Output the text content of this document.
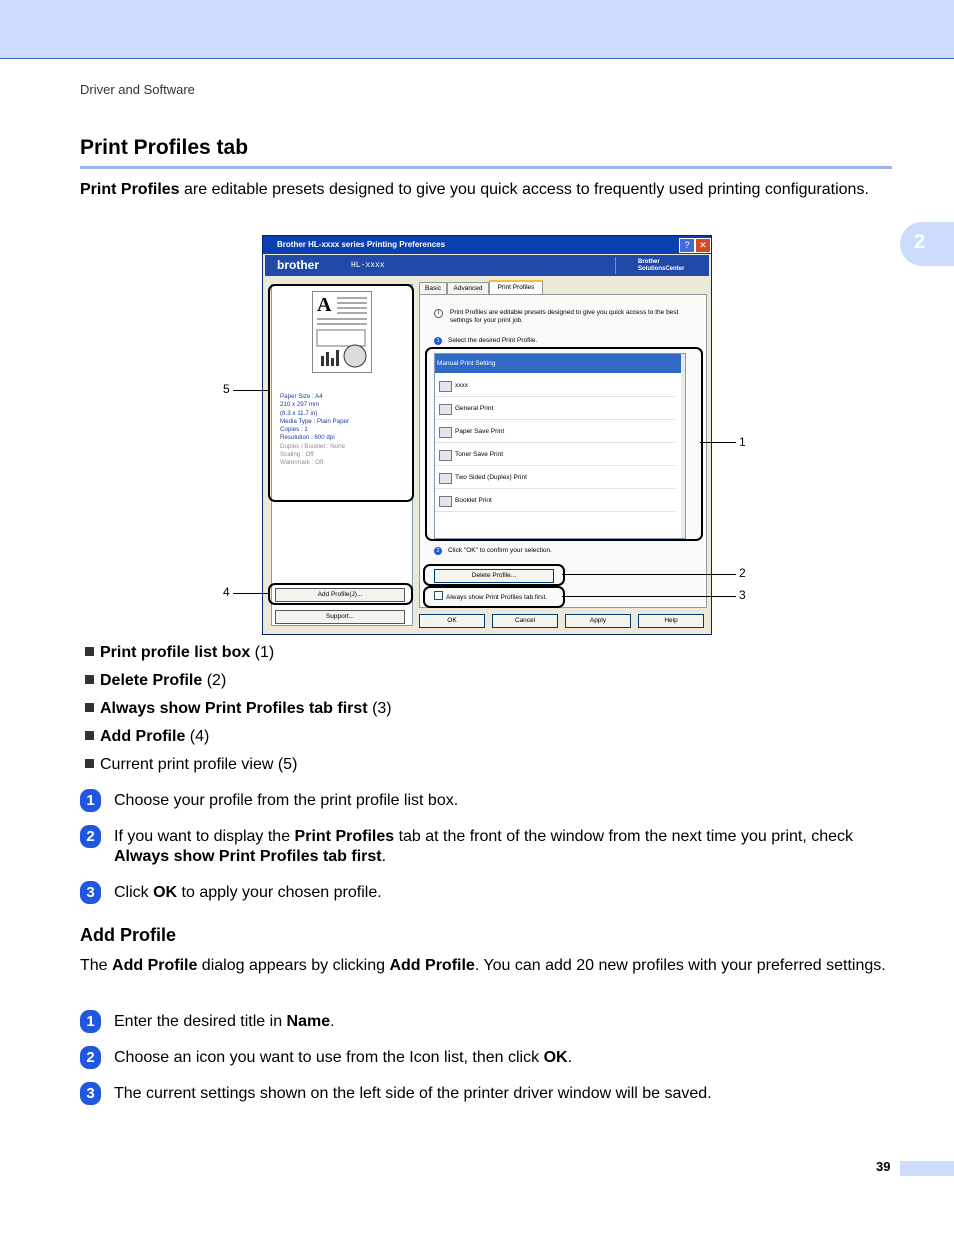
Driver and Software
2
Print Profiles tab
Print Profiles are editable presets designed to give you quick access to frequently used printing configurations.
Brother HL-xxxx series Printing Preferences	?	✕
brother	HL-xxxx	Brother
SolutionsCenter
A
Paper Size : A4
210 x 297 mm
(8.3 x 11.7 in)
Media Type : Plain Paper
Copies : 1
Resolution : 600 dpi
Duplex / Booklet : None
Scaling : Off
Watermark : Off
Add Profile(J)...
Support...
Basic	Advanced	Print Profiles
i	Print Profiles are editable presets designed to give you quick access to the best settings for your print job.
1	Select the desired Print Profile.
Manual Print Setting
xxxx
General Print
Paper Save Print
Toner Save Print
Two Sided (Duplex) Print
Booklet Print
2	Click "OK" to confirm your selection.
Delete Profile...
Always show Print Profiles tab first.
OK	Cancel	Apply	Help
5
4
1
2
3
Print profile list box (1)
Delete Profile (2)
Always show Print Profiles tab first (3)
Add Profile (4)
Current print profile view (5)
1	Choose your profile from the print profile list box.
2	If you want to display the Print Profiles tab at the front of the window from the next time you print, check
Always show Print Profiles tab first.
3	Click OK to apply your chosen profile.
Add Profile
The Add Profile dialog appears by clicking Add Profile. You can add 20 new profiles with your preferred settings.
1	Enter the desired title in Name.
2	Choose an icon you want to use from the Icon list, then click OK.
3	The current settings shown on the left side of the printer driver window will be saved.
39
